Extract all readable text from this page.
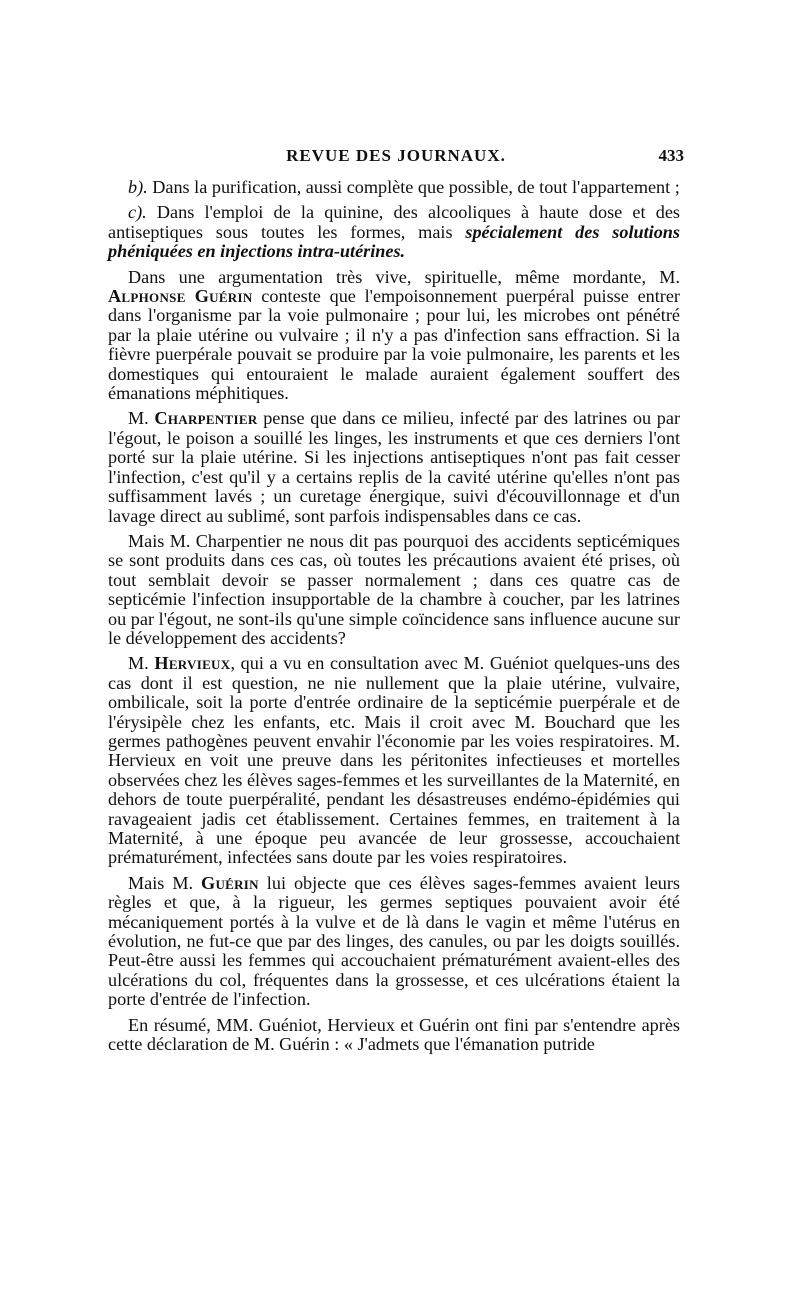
REVUE DES JOURNAUX.	433

b). Dans la purification, aussi complète que possible, de tout l'appartement ;

c). Dans l'emploi de la quinine, des alcooliques à haute dose et des antiseptiques sous toutes les formes, mais spécialement des solutions phéniquées en injections intra-utérines.

Dans une argumentation très vive, spirituelle, même mordante, M. Alphonse Guérin conteste que l'empoisonnement puerpéral puisse entrer dans l'organisme par la voie pulmonaire ; pour lui, les microbes ont pénétré par la plaie utérine ou vulvaire ; il n'y a pas d'infection sans effraction. Si la fièvre puerpérale pouvait se produire par la voie pulmonaire, les parents et les domestiques qui entouraient le malade auraient également souffert des émanations méphitiques.

M. Charpentier pense que dans ce milieu, infecté par des latrines ou par l'égout, le poison a souillé les linges, les instruments et que ces derniers l'ont porté sur la plaie utérine. Si les injections antiseptiques n'ont pas fait cesser l'infection, c'est qu'il y a certains replis de la cavité utérine qu'elles n'ont pas suffisamment lavés ; un curetage énergique, suivi d'écouvillonnage et d'un lavage direct au sublimé, sont parfois indispensables dans ce cas.

Mais M. Charpentier ne nous dit pas pourquoi des accidents septicémiques se sont produits dans ces cas, où toutes les précautions avaient été prises, où tout semblait devoir se passer normalement ; dans ces quatre cas de septicémie l'infection insupportable de la chambre à coucher, par les latrines ou par l'égout, ne sont-ils qu'une simple coïncidence sans influence aucune sur le développement des accidents?

M. Hervieux, qui a vu en consultation avec M. Guéniot quelques-uns des cas dont il est question, ne nie nullement que la plaie utérine, vulvaire, ombilicale, soit la porte d'entrée ordinaire de la septicémie puerpérale et de l'érysipèle chez les enfants, etc. Mais il croit avec M. Bouchard que les germes pathogènes peuvent envahir l'économie par les voies respiratoires. M. Hervieux en voit une preuve dans les péritonites infectieuses et mortelles observées chez les élèves sages-femmes et les surveillantes de la Maternité, en dehors de toute puerpéralité, pendant les désastreuses endémo-épidémies qui ravageaient jadis cet établissement. Certaines femmes, en traitement à la Maternité, à une époque peu avancée de leur grossesse, accouchaient prématurément, infectées sans doute par les voies respiratoires.

Mais M. Guérin lui objecte que ces élèves sages-femmes avaient leurs règles et que, à la rigueur, les germes septiques pouvaient avoir été mécaniquement portés à la vulve et de là dans le vagin et même l'utérus en évolution, ne fut-ce que par des linges, des canules, ou par les doigts souillés. Peut-être aussi les femmes qui accouchaient prématurément avaient-elles des ulcérations du col, fréquentes dans la grossesse, et ces ulcérations étaient la porte d'entrée de l'infection.

En résumé, MM. Guéniot, Hervieux et Guérin ont fini par s'entendre après cette déclaration de M. Guérin : « J'admets que l'émanation putride
